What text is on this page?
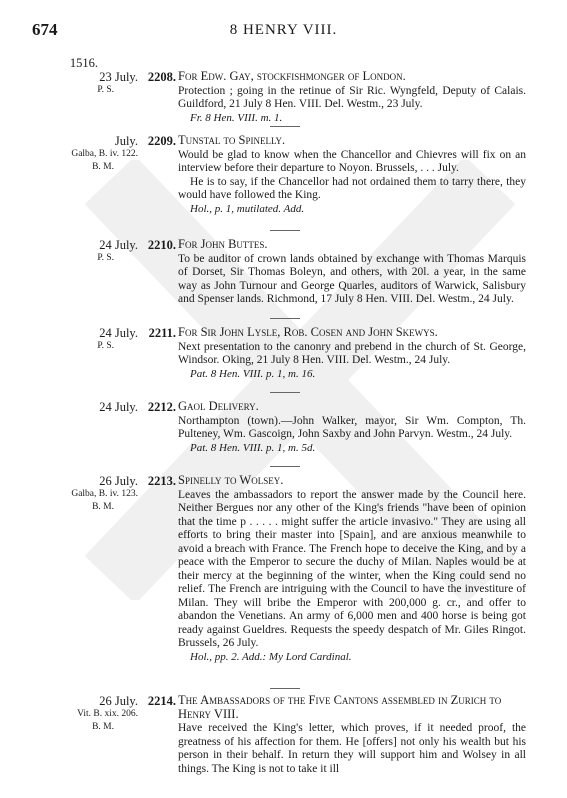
674	8 HENRY VIII.
1516.
23 July.
P. S.
2208. For Edw. Gay, stockfishmonger of London.
Protection ; going in the retinue of Sir Ric. Wyngfeld, Deputy of Calais. Guildford, 21 July 8 Hen. VIII. Del. Westm., 23 July.
Fr. 8 Hen. VIII. m. 1.
July.
Galba, B. iv. 122.
B. M.
2209. Tunstal to Spinelly.
Would be glad to know when the Chancellor and Chievres will fix on an interview before their departure to Noyon. Brussels, . . . July.
He is to say, if the Chancellor had not ordained them to tarry there, they would have followed the King.
Hol., p. 1, mutilated. Add.
24 July.
P. S.
2210. For John Buttes.
To be auditor of crown lands obtained by exchange with Thomas Marquis of Dorset, Sir Thomas Boleyn, and others, with 20l. a year, in the same way as John Turnour and George Quarles, auditors of Warwick, Salisbury and Spenser lands. Richmond, 17 July 8 Hen. VIII. Del. Westm., 24 July.
24 July.
P. S.
2211. For Sir John Lysle, Rob. Cosen and John Skewys.
Next presentation to the canonry and prebend in the church of St. George, Windsor. Oking, 21 July 8 Hen. VIII. Del. Westm., 24 July.
Pat. 8 Hen. VIII. p. 1, m. 16.
24 July. 2212. Gaol Delivery.
Northampton (town).—John Walker, mayor, Sir Wm. Compton, Th. Pulteney, Wm. Gascoign, John Saxby and John Parvyn. Westm., 24 July.
Pat. 8 Hen. VIII. p. 1, m. 5d.
26 July.
Galba, B. iv. 123.
B. M.
2213. Spinelly to Wolsey.
Leaves the ambassadors to report the answer made by the Council here. Neither Bergues nor any other of the King's friends "have been of opinion that the time p . . . . . might suffer the article invasivo." They are using all efforts to bring their master into [Spain], and are anxious meanwhile to avoid a breach with France. The French hope to deceive the King, and by a peace with the Emperor to secure the duchy of Milan. Naples would be at their mercy at the beginning of the winter, when the King could send no relief. The French are intriguing with the Council to have the investiture of Milan. They will bribe the Emperor with 200,000 g. cr., and offer to abandon the Venetians. An army of 6,000 men and 400 horse is being got ready against Gueldres. Requests the speedy despatch of Mr. Giles Ringot. Brussels, 26 July.
Hol., pp. 2. Add.: My Lord Cardinal.
26 July.
Vit. B. xix. 206.
B. M.
2214. The Ambassadors of the Five Cantons assembled in Zurich to Henry VIII.
Have received the King's letter, which proves, if it needed proof, the greatness of his affection for them. He [offers] not only his wealth but his person in their behalf. In return they will support him and Wolsey in all things. The King is not to take it ill
